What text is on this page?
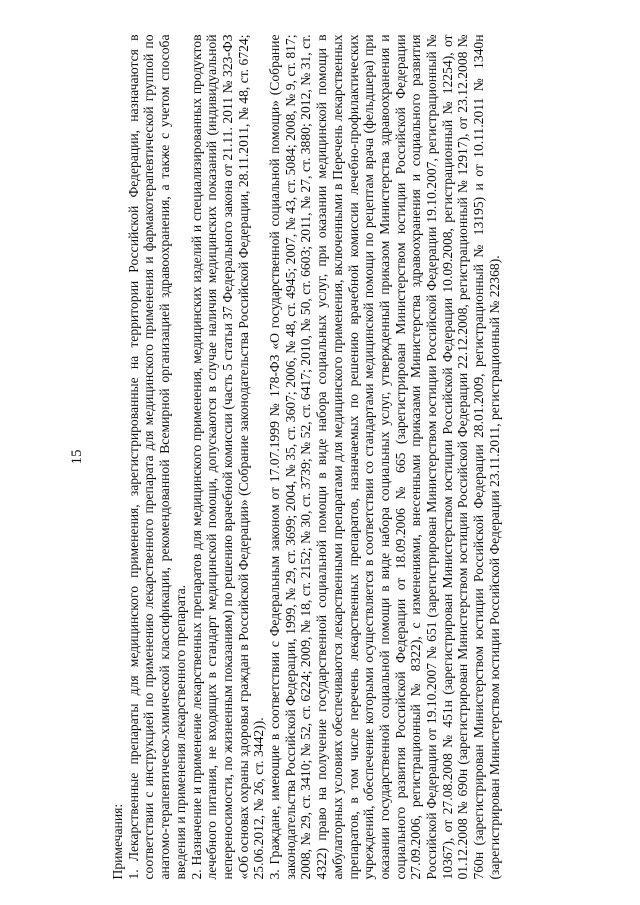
15

Примечания: 1. Лекарственные препараты для медицинского применения, зарегистрированные на территории Российской Федерации, назначаются в соответствии с инструкцией по применению лекарственного препарата для медицинского применения и фармакотерапевтической группой по анатомо-терапевтическо-химической классификации, рекомендованной Всемирной организацией здравоохранения, а также с учетом способа введения и применения лекарственного препарата. 2. Назначение и применение лекарственных препаратов для медицинского применения, медицинских изделий и специализированных продуктов лечебного питания, не входящих в стандарт медицинской помощи, допускаются в случае наличия медицинских показаний (индивидуальной непереносимости, по жизненным показаниям) по решению врачебной комиссии (часть 5 статьи 37 Федерального закона от 21.11. 2011 № 323-ФЗ «Об основах охраны здоровья граждан в Российской Федерации» (Собрание законодательства Российской Федерации, 28.11.2011, № 48, ст. 6724; 25.06.2012, № 26, ст. 3442)). 3. Граждане, имеющие в соответствии с Федеральным законом от 17.07.1999 № 178-ФЗ «О государственной социальной помощи» (Собрание законодательства Российской Федерации, 1999, № 29, ст. 3699; 2004, № 35, ст. 3607; 2006, № 48, ст. 4945; 2007, № 43, ст. 5084; 2008, № 9, ст. 817; 2008, № 29, ст. 3410; № 52, ст. 6224; 2009, № 18, ст. 2152; № 30, ст. 3739; № 52, ст. 6417; 2010, № 50, ст. 6603; 2011, № 27, ст. 3880; 2012, № 31, ст. 4322) право на получение государственной социальной помощи в виде набора социальных услуг, при оказании медицинской помощи в амбулаторных условиях обеспечиваются лекарственными препаратами для медицинского применения, включенными в Перечень лекарственных препаратов, в том числе перечень лекарственных препаратов, назначаемых по решению врачебной комиссии лечебно-профилактических учреждений, обеспечение которыми осуществляется в соответствии со стандартами медицинской помощи по рецептам врача (фельдшера) при оказании государственной социальной помощи в виде набора социальных услуг, утвержденный приказом Министерства здравоохранения и социального развития Российской Федерации от 18.09.2006 № 665 (зарегистрирован Министерством юстиции Российской Федерации 27.09.2006, регистрационный № 8322), с изменениями, внесенными приказами Министерства здравоохранения и социального развития Российской Федерации от 19.10.2007 № 651 (зарегистрирован Министерством юстиции Российской Федерации 19.10.2007, регистрационный № 10367), от 27.08.2008 № 451н (зарегистрирован Министерством юстиции Российской Федерации 10.09.2008, регистрационный № 12254), от 01.12.2008 № 690н (зарегистрирован Министерством юстиции Российской Федерации 22.12.2008, регистрационный № 12917), от 23.12.2008 № 760н (зарегистрирован Министерством юстиции Российской Федерации 28.01.2009, регистрационный № 13195) и от 10.11.2011 № 1340н (зарегистрирован Министерством юстиции Российской Федерации 23.11.2011, регистрационный № 22368).
